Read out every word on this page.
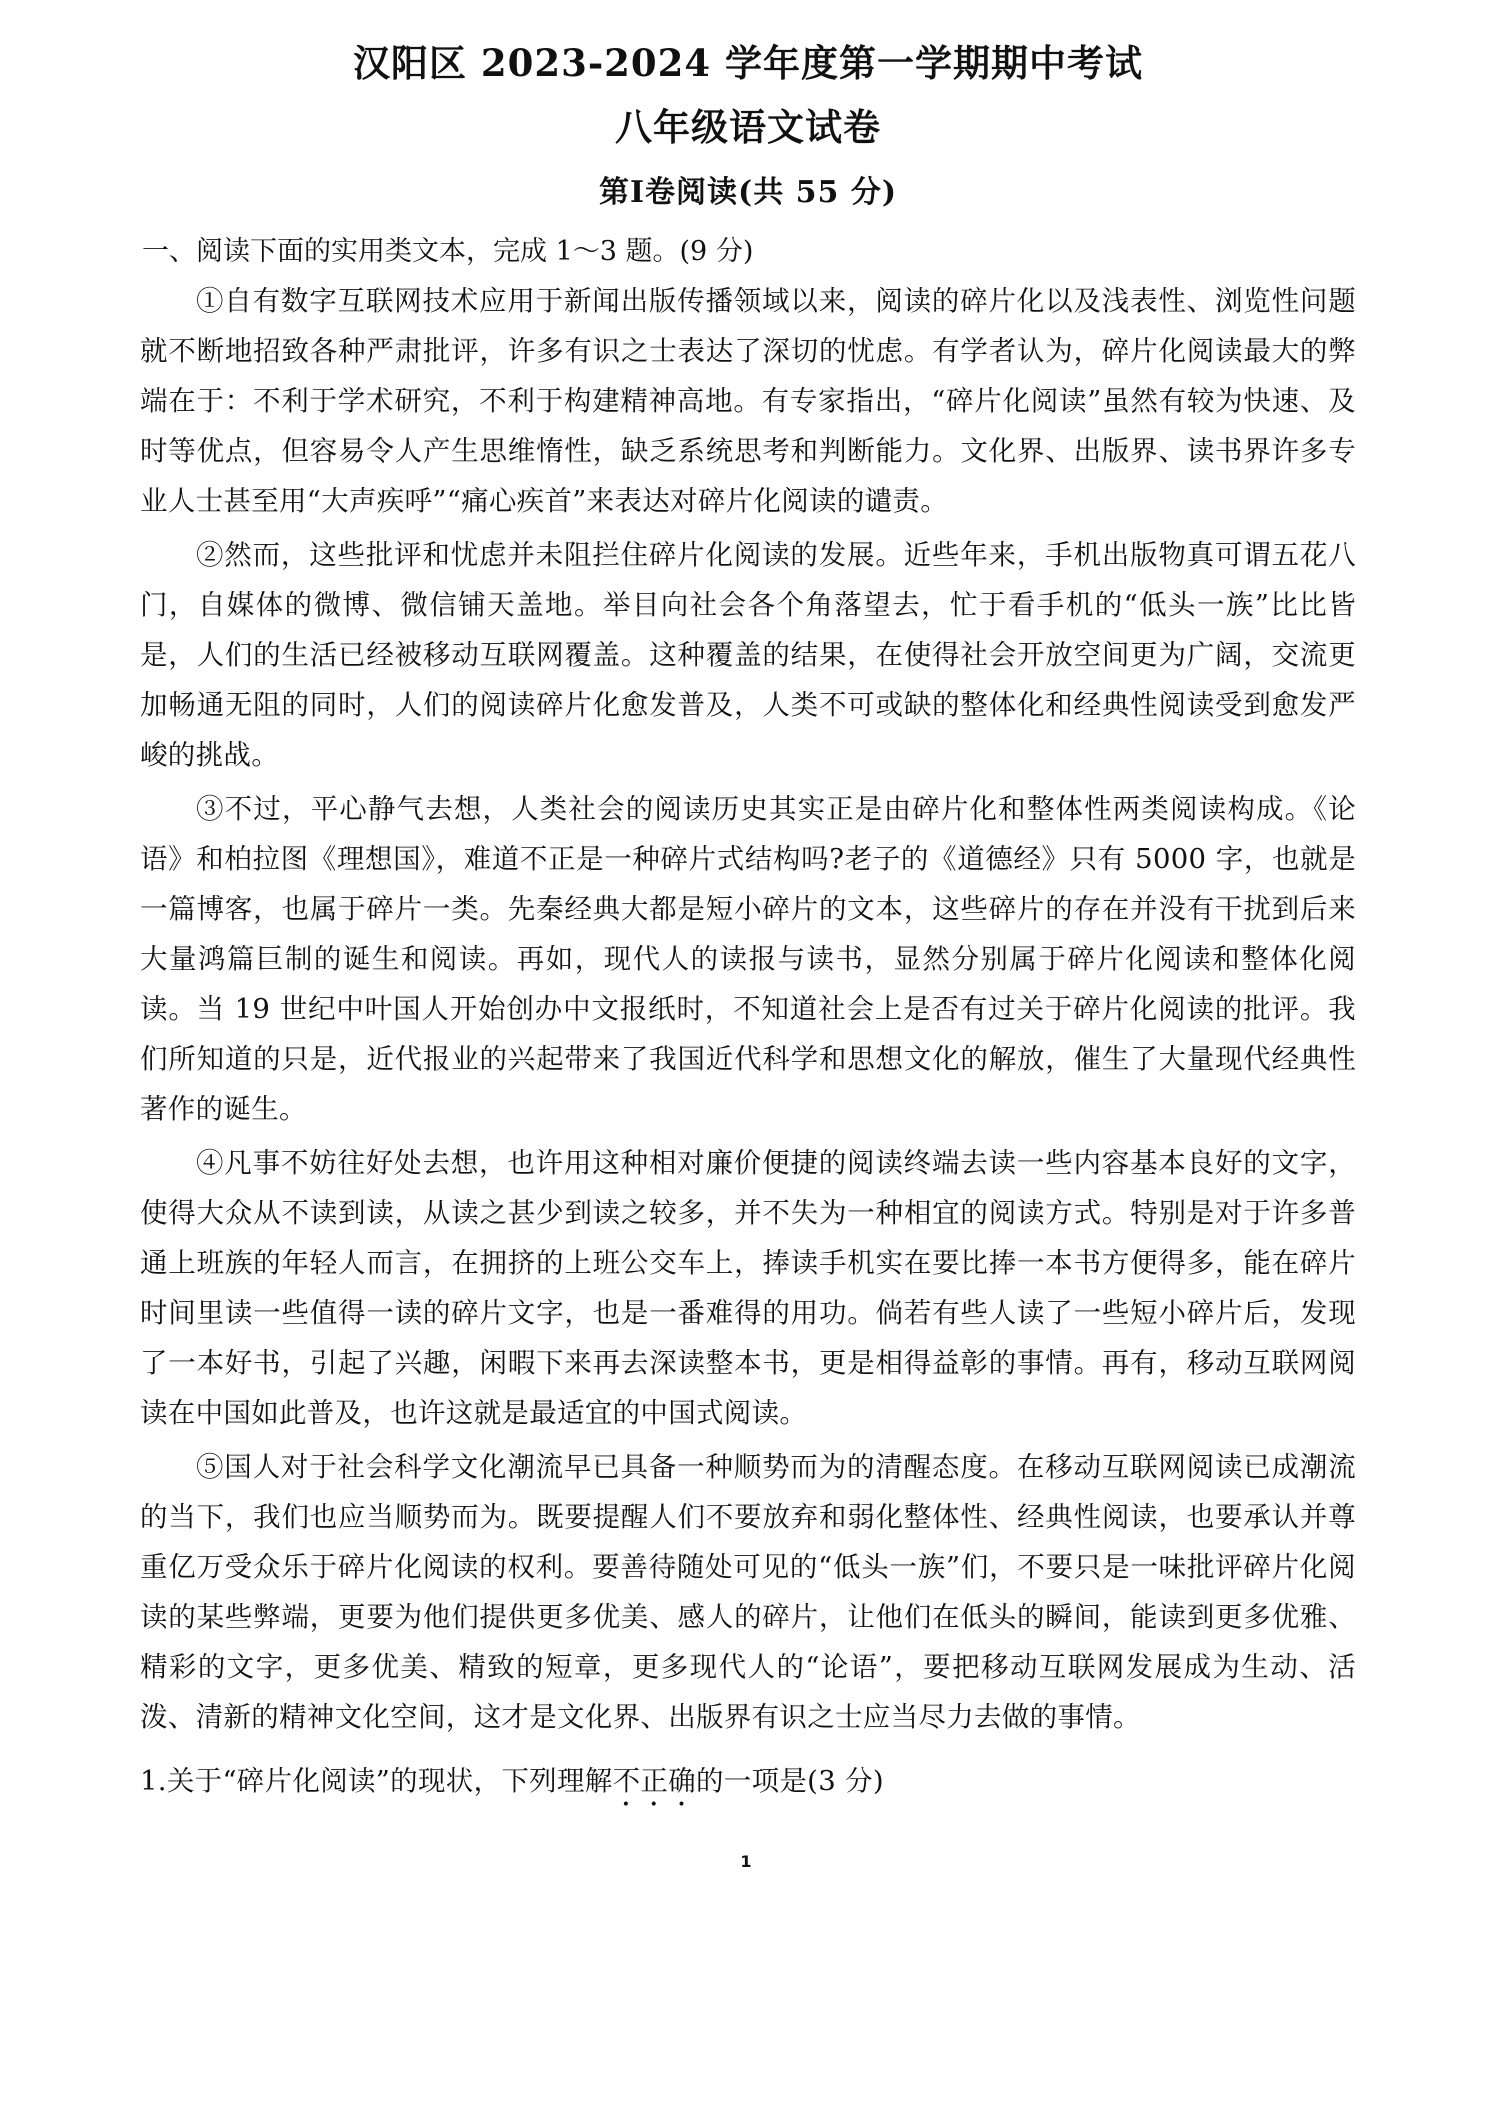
汉阳区 2023-2024 学年度第一学期期中考试
八年级语文试卷
第Ⅰ卷阅读(共 55 分)
一、阅读下面的实用类文本，完成 1～3 题。(9 分)

①自有数字互联网技术应用于新闻出版传播领域以来，阅读的碎片化以及浅表性、浏览性问题就不断地招致各种严肃批评，许多有识之士表达了深切的忧虑。有学者认为，碎片化阅读最大的弊端在于：不利于学术研究，不利于构建精神高地。有专家指出，“碎片化阅读”虽然有较为快速、及时等优点，但容易令人产生思维惰性，缺乏系统思考和判断能力。文化界、出版界、读书界许多专业人士甚至用“大声疾呼”“痛心疾首”来表达对碎片化阅读的谴责。

②然而，这些批评和忧虑并未阻拦住碎片化阅读的发展。近些年来，手机出版物真可谓五花八门，自媒体的微博、微信铺天盖地。举目向社会各个角落望去，忙于看手机的“低头一族”比比皆是，人们的生活已经被移动互联网覆盖。这种覆盖的结果，在使得社会开放空间更为广阔，交流更加畅通无阻的同时，人们的阅读碎片化愈发普及，人类不可或缺的整体化和经典性阅读受到愈发严峻的挑战。

③不过，平心静气去想，人类社会的阅读历史其实正是由碎片化和整体性两类阅读构成。《论语》和柏拉图《理想国》，难道不正是一种碎片式结构吗?老子的《道德经》只有 5000 字，也就是一篇博客，也属于碎片一类。先秦经典大都是短小碎片的文本，这些碎片的存在并没有干扰到后来大量鸿篇巨制的诞生和阅读。再如，现代人的读报与读书，显然分别属于碎片化阅读和整体化阅读。当 19 世纪中叶国人开始创办中文报纸时，不知道社会上是否有过关于碎片化阅读的批评。我们所知道的只是，近代报业的兴起带来了我国近代科学和思想文化的解放，催生了大量现代经典性著作的诞生。

④凡事不妨往好处去想，也许用这种相对廉价便捷的阅读终端去读一些内容基本良好的文字，使得大众从不读到读，从读之甚少到读之较多，并不失为一种相宜的阅读方式。特别是对于许多普通上班族的年轻人而言，在拥挤的上班公交车上，捧读手机实在要比捧一本书方便得多，能在碎片时间里读一些值得一读的碎片文字，也是一番难得的用功。倘若有些人读了一些短小碎片后，发现了一本好书，引起了兴趣，闲暇下来再去深读整本书，更是相得益彰的事情。再有，移动互联网阅读在中国如此普及，也许这就是最适宜的中国式阅读。

⑤国人对于社会科学文化潮流早已具备一种顺势而为的清醒态度。在移动互联网阅读已成潮流的当下，我们也应当顺势而为。既要提醒人们不要放弃和弱化整体性、经典性阅读，也要承认并尊重亿万受众乐于碎片化阅读的权利。要善待随处可见的“低头一族”们，不要只是一味批评碎片化阅读的某些弊端，更要为他们提供更多优美、感人的碎片，让他们在低头的瞬间，能读到更多优雅、精彩的文字，更多优美、精致的短章，更多现代人的“论语”，要把移动互联网发展成为生动、活泼、清新的精神文化空间，这才是文化界、出版界有识之士应当尽力去做的事情。

1.关于“碎片化阅读”的现状，下列理解不正确的一项是(3 分)

1
